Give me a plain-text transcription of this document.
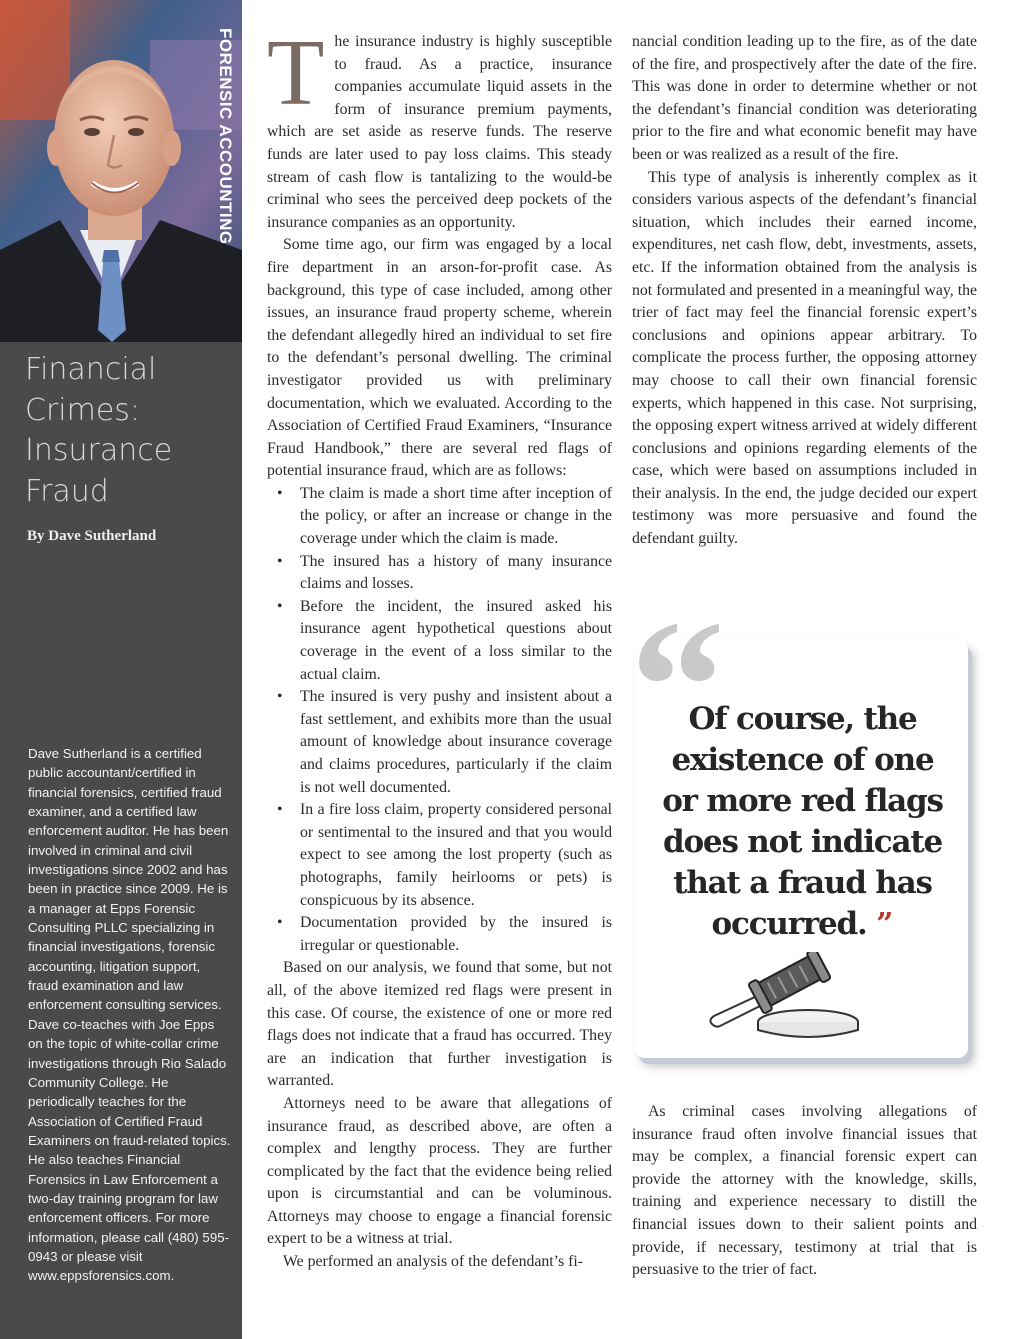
FORENSIC ACCOUNTING
Financial
Crimes:
Insurance
Fraud
By Dave Sutherland

Dave Sutherland is a certified public accountant/certified in financial forensics, certified fraud examiner, and a certified law enforcement auditor. He has been involved in criminal and civil investigations since 2002 and has been in practice since 2009. He is a manager at Epps Forensic Consulting PLLC specializing in financial investigations, forensic accounting, litigation support, fraud examination and law enforcement consulting services. Dave co-teaches with Joe Epps on the topic of white-collar crime investigations through Rio Salado Community College. He periodically teaches for the Association of Certified Fraud Examiners on fraud-related topics. He also teaches Financial Forensics in Law Enforcement a two-day training program for law enforcement officers. For more information, please call (480) 595-0943 or please visit www.eppsforensics.com.

The insurance industry is highly susceptible to fraud. As a practice, insurance companies accumulate liquid assets in the form of insurance premium payments, which are set aside as reserve funds. The reserve funds are later used to pay loss claims. This steady stream of cash flow is tantalizing to the would-be criminal who sees the perceived deep pockets of the insurance companies as an opportunity.

Some time ago, our firm was engaged by a local fire department in an arson-for-profit case. As background, this type of case included, among other issues, an insurance fraud property scheme, wherein the defendant allegedly hired an individual to set fire to the defendant’s personal dwelling. The criminal investigator provided us with preliminary documentation, which we evaluated. According to the Association of Certified Fraud Examiners, “Insurance Fraud Handbook,” there are several red flags of potential insurance fraud, which are as follows:

• The claim is made a short time after inception of the policy, or after an increase or change in the coverage under which the claim is made.
• The insured has a history of many insurance claims and losses.
• Before the incident, the insured asked his insurance agent hypothetical questions about coverage in the event of a loss similar to the actual claim.
• The insured is very pushy and insistent about a fast settlement, and exhibits more than the usual amount of knowledge about insurance coverage and claims procedures, particularly if the claim is not well documented.
• In a fire loss claim, property considered personal or sentimental to the insured and that you would expect to see among the lost property (such as photographs, family heirlooms or pets) is conspicuous by its absence.
• Documentation provided by the insured is irregular or questionable.

Based on our analysis, we found that some, but not all, of the above itemized red flags were present in this case. Of course, the existence of one or more red flags does not indicate that a fraud has occurred. They are an indication that further investigation is warranted.

Attorneys need to be aware that allegations of insurance fraud, as described above, are often a complex and lengthy process. They are further complicated by the fact that the evidence being relied upon is circumstantial and can be voluminous. Attorneys may choose to engage a financial forensic expert to be a witness at trial.

We performed an analysis of the defendant’s fi-

nancial condition leading up to the fire, as of the date of the fire, and prospectively after the date of the fire. This was done in order to determine whether or not the defendant’s financial condition was deteriorating prior to the fire and what economic benefit may have been or was realized as a result of the fire.

This type of analysis is inherently complex as it considers various aspects of the defendant’s financial situation, which includes their earned income, expenditures, net cash flow, debt, investments, assets, etc. If the information obtained from the analysis is not formulated and presented in a meaningful way, the trier of fact may feel the financial forensic expert’s conclusions and opinions appear arbitrary. To complicate the process further, the opposing attorney may choose to call their own financial forensic experts, which happened in this case. Not surprising, the opposing expert witness arrived at widely different conclusions and opinions regarding elements of the case, which were based on assumptions included in their analysis. In the end, the judge decided our expert testimony was more persuasive and found the defendant guilty.

“
Of course, the existence of one or more red flags does not indicate that a fraud has occurred. ”

As criminal cases involving allegations of insurance fraud often involve financial issues that may be complex, a financial forensic expert can provide the attorney with the knowledge, skills, training and experience necessary to distill the financial issues down to their salient points and provide, if necessary, testimony at trial that is persuasive to the trier of fact.
